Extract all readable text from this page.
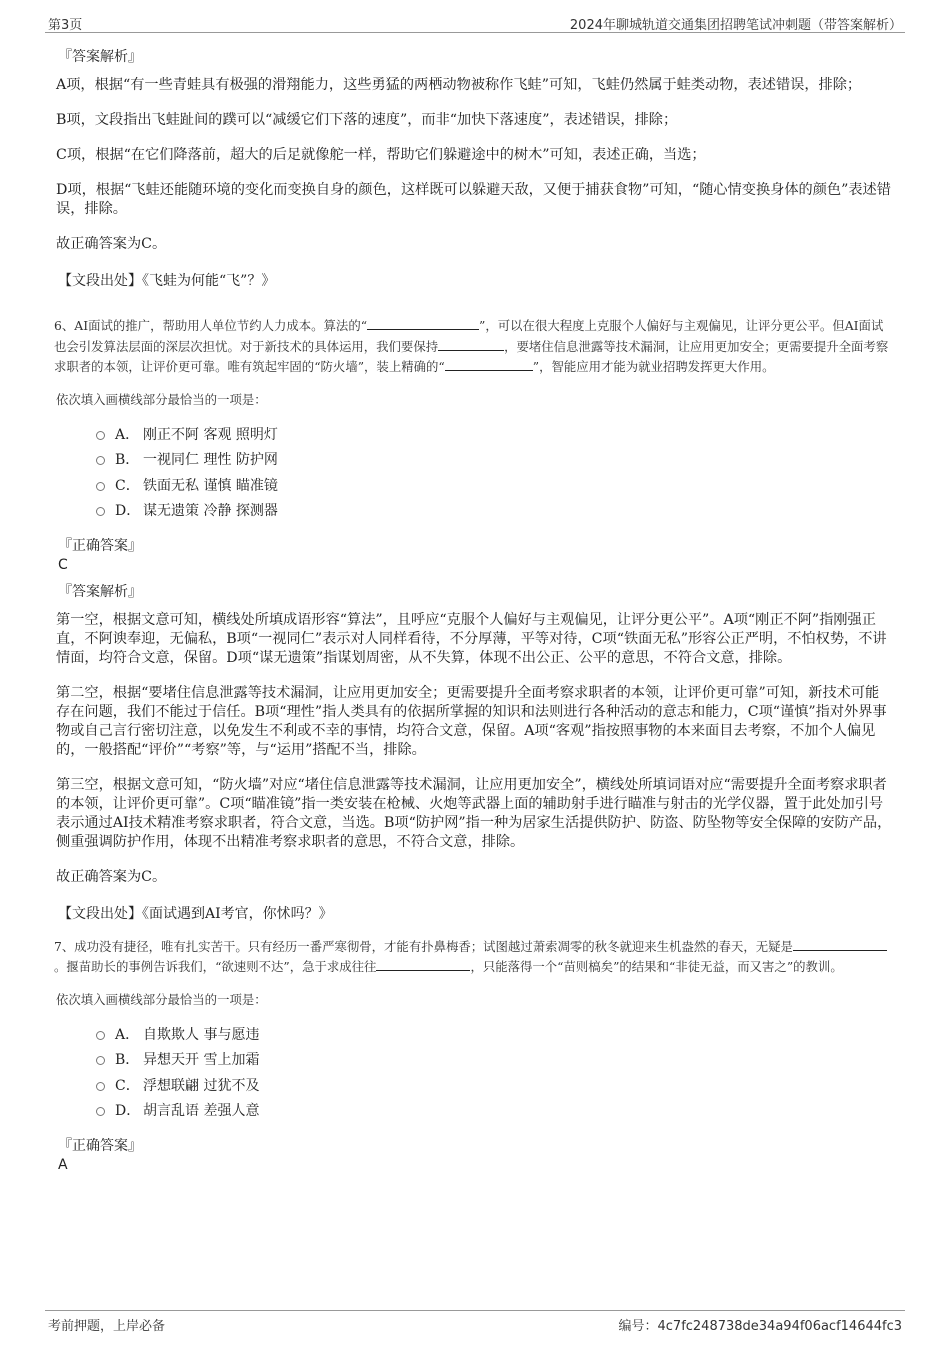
第3页	2024年聊城轨道交通集团招聘笔试冲刺题（带答案解析）
『答案解析』

A项，根据“有一些青蛙具有极强的滑翔能力，这些勇猛的两栖动物被称作飞蛙”可知，飞蛙仍然属于蛙类动物，表述错误，排除；

B项，文段指出飞蛙趾间的蹼可以“减缓它们下落的速度”，而非“加快下落速度”，表述错误，排除；

C项，根据“在它们降落前，超大的后足就像舵一样，帮助它们躲避途中的树木”可知，表述正确，当选；

D项，根据“飞蛙还能随环境的变化而变换自身的颜色，这样既可以躲避天敌，又便于捕获食物”可知，“随心情变换身体的颜色”表述错误，排除。

故正确答案为C。

【文段出处】《飞蛙为何能“飞”？》

6、AI面试的推广，帮助用人单位节约人力成本。算法的“	”，可以在很大程度上克服个人偏好与主观偏见，让评分更公平。但AI面试也会引发算法层面的深层次担忧。对于新技术的具体运用，我们要保持	，要堵住信息泄露等技术漏洞，让应用更加安全；更需要提升全面考察求职者的本领，让评价更可靠。唯有筑起牢固的“防火墙”，装上精确的“	”，智能应用才能为就业招聘发挥更大作用。

依次填入画横线部分最恰当的一项是：

A． 刚正不阿 客观 照明灯
B． 一视同仁 理性 防护网
C． 铁面无私 谨慎 瞄准镜
D． 谋无遗策 冷静 探测器
『正确答案』
C
『答案解析』

第一空，根据文意可知，横线处所填成语形容“算法”，且呼应“克服个人偏好与主观偏见，让评分更公平”。A项“刚正不阿”指刚强正直，不阿谀奉迎，无偏私，B项“一视同仁”表示对人同样看待，不分厚薄，平等对待，C项“铁面无私”形容公正严明，不怕权势，不讲情面，均符合文意，保留。D项“谋无遗策”指谋划周密，从不失算，体现不出公正、公平的意思，不符合文意，排除。

第二空，根据“要堵住信息泄露等技术漏洞，让应用更加安全；更需要提升全面考察求职者的本领，让评价更可靠”可知，新技术可能存在问题，我们不能过于信任。B项“理性”指人类具有的依据所掌握的知识和法则进行各种活动的意志和能力，C项“谨慎”指对外界事物或自己言行密切注意，以免发生不利或不幸的事情，均符合文意，保留。A项“客观”指按照事物的本来面目去考察，不加个人偏见的，一般搭配“评价”“考察”等，与“运用”搭配不当，排除。

第三空，根据文意可知，“防火墙”对应“堵住信息泄露等技术漏洞，让应用更加安全”，横线处所填词语对应“需要提升全面考察求职者的本领，让评价更可靠”。C项“瞄准镜”指一类安装在枪械、火炮等武器上面的辅助射手进行瞄准与射击的光学仪器，置于此处加引号表示通过AI技术精准考察求职者，符合文意，当选。B项“防护网”指一种为居家生活提供防护、防盗、防坠物等安全保障的安防产品，侧重强调防护作用，体现不出精准考察求职者的意思，不符合文意，排除。

故正确答案为C。

【文段出处】《面试遇到AI考官，你怵吗？》

7、成功没有捷径，唯有扎实苦干。只有经历一番严寒彻骨，才能有扑鼻梅香；试图越过萧索凋零的秋冬就迎来生机盎然的春天，无疑是。揠苗助长的事例告诉我们，“欲速则不达”，急于求成往往	，只能落得一个“苗则槁矣”的结果和“非徒无益，而又害之”的教训。

依次填入画横线部分最恰当的一项是：

A． 自欺欺人 事与愿违
B． 异想天开 雪上加霜
C． 浮想联翩 过犹不及
D． 胡言乱语 差强人意
『正确答案』
A
考前押题，上岸必备	编号：4c7fc248738de34a94f06acf14644fc3
